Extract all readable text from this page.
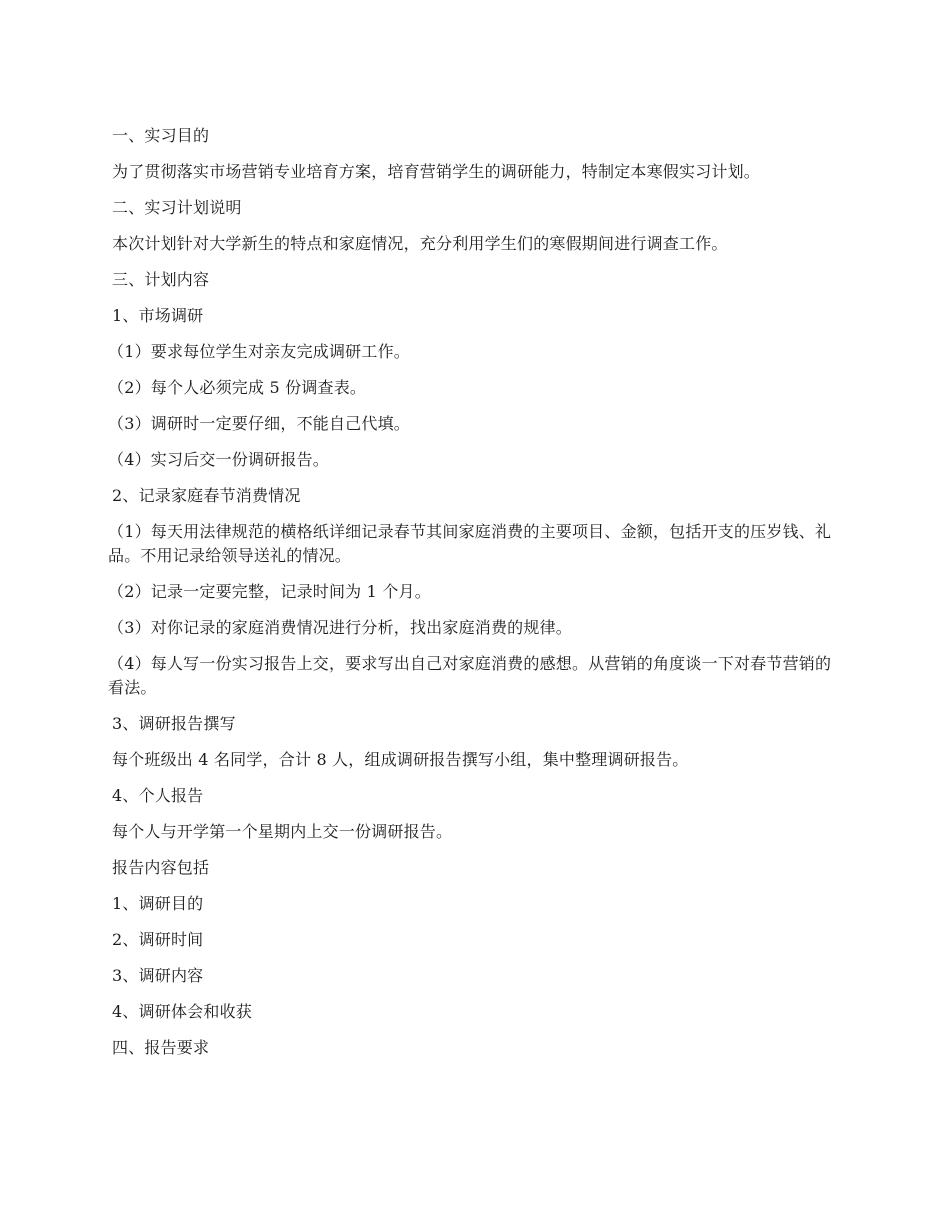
一、实习目的

为了贯彻落实市场营销专业培育方案，培育营销学生的调研能力，特制定本寒假实习计划。

二、实习计划说明

本次计划针对大学新生的特点和家庭情况，充分利用学生们的寒假期间进行调查工作。

三、计划内容

1、市场调研

（1）要求每位学生对亲友完成调研工作。

（2）每个人必须完成 5 份调查表。

（3）调研时一定要仔细，不能自己代填。

（4）实习后交一份调研报告。

2、记录家庭春节消费情况

（1）每天用法律规范的横格纸详细记录春节其间家庭消费的主要项目、金额，包括开支的压岁钱、礼品。不用记录给领导送礼的情况。

（2）记录一定要完整，记录时间为 1 个月。

（3）对你记录的家庭消费情况进行分析，找出家庭消费的规律。

（4）每人写一份实习报告上交，要求写出自己对家庭消费的感想。从营销的角度谈一下对春节营销的看法。

3、调研报告撰写

每个班级出 4 名同学，合计 8 人，组成调研报告撰写小组，集中整理调研报告。

4、个人报告

每个人与开学第一个星期内上交一份调研报告。

报告内容包括

1、调研目的

2、调研时间

3、调研内容

4、调研体会和收获

四、报告要求
